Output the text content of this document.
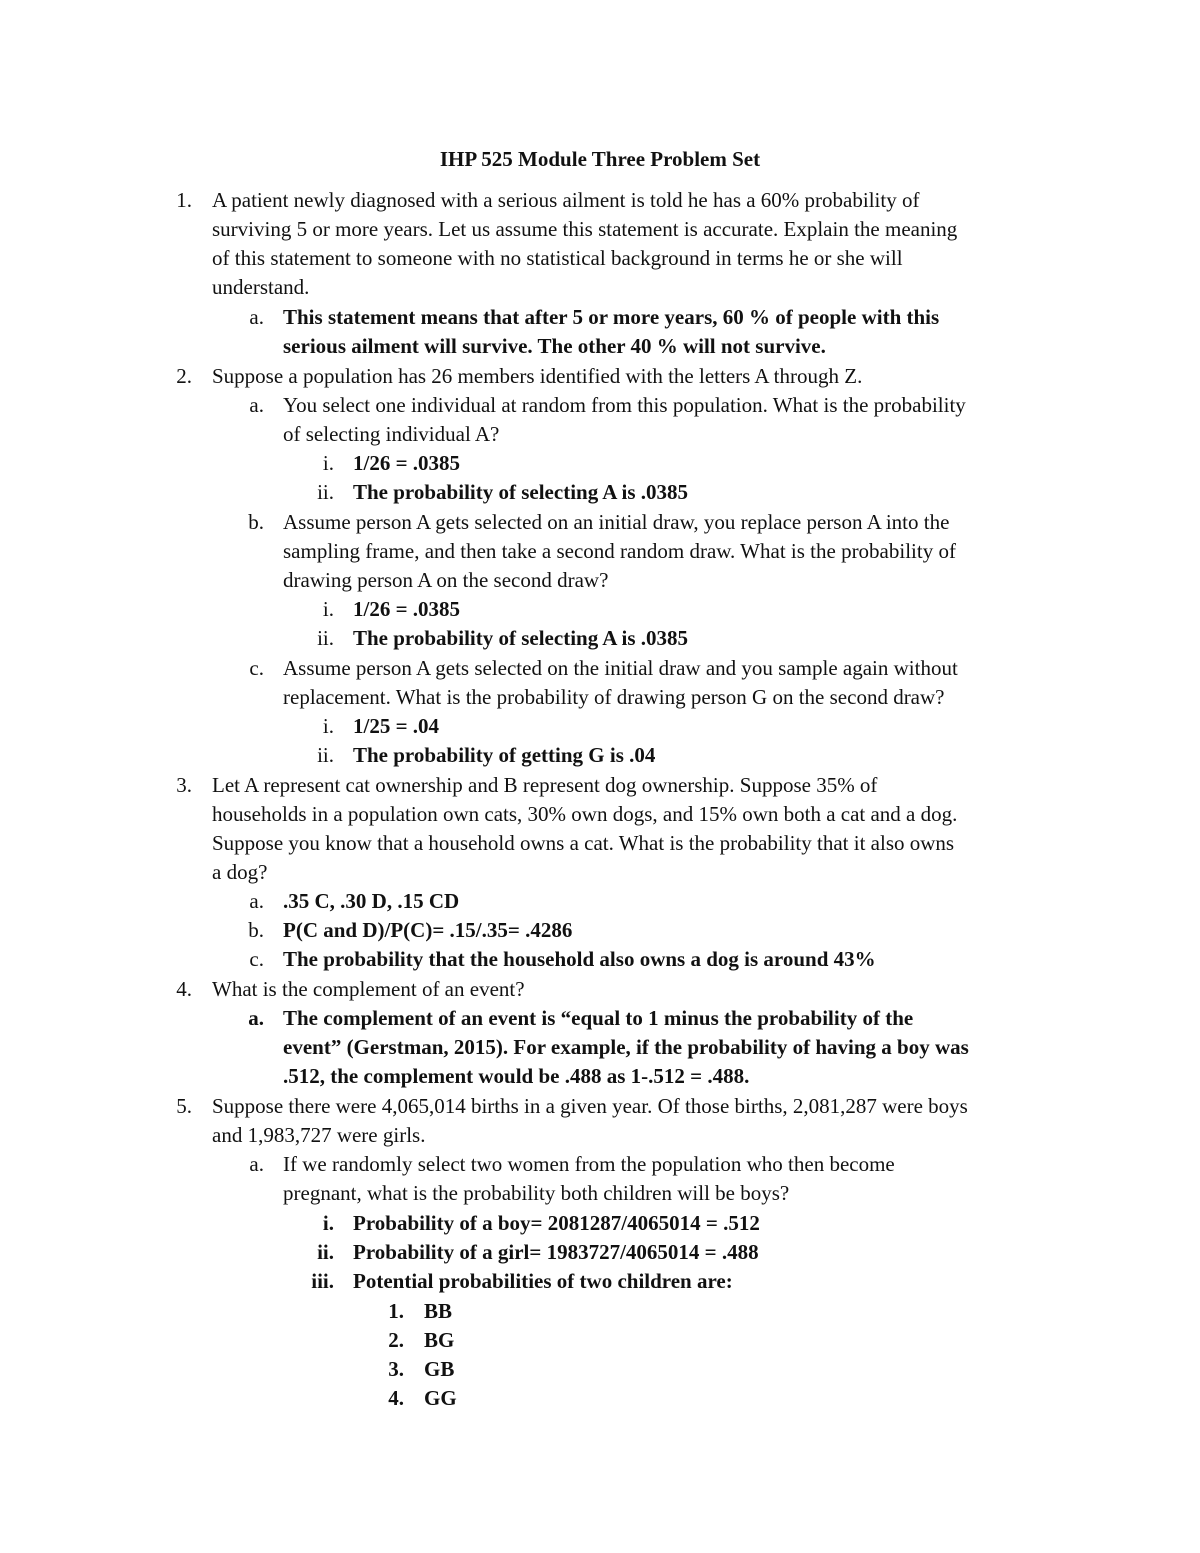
IHP 525 Module Three Problem Set
1. A patient newly diagnosed with a serious ailment is told he has a 60% probability of
surviving 5 or more years. Let us assume this statement is accurate. Explain the meaning
of this statement to someone with no statistical background in terms he or she will
understand.
a. This statement means that after 5 or more years, 60 % of people with this
serious ailment will survive. The other 40 % will not survive.
2. Suppose a population has 26 members identified with the letters A through Z.
a. You select one individual at random from this population. What is the probability
of selecting individual A?
i. 1/26 = .0385
ii. The probability of selecting A is .0385
b. Assume person A gets selected on an initial draw, you replace person A into the
sampling frame, and then take a second random draw. What is the probability of
drawing person A on the second draw?
i. 1/26 = .0385
ii. The probability of selecting A is .0385
c. Assume person A gets selected on the initial draw and you sample again without
replacement. What is the probability of drawing person G on the second draw?
i. 1/25 = .04
ii. The probability of getting G is .04
3. Let A represent cat ownership and B represent dog ownership. Suppose 35% of
households in a population own cats, 30% own dogs, and 15% own both a cat and a dog.
Suppose you know that a household owns a cat. What is the probability that it also owns
a dog?
a. .35 C, .30 D, .15 CD
b. P(C and D)/P(C)= .15/.35= .4286
c. The probability that the household also owns a dog is around 43%
4. What is the complement of an event?
a. The complement of an event is “equal to 1 minus the probability of the
event” (Gerstman, 2015). For example, if the probability of having a boy was
.512, the complement would be .488 as 1-.512 = .488.
5. Suppose there were 4,065,014 births in a given year. Of those births, 2,081,287 were boys
and 1,983,727 were girls.
a. If we randomly select two women from the population who then become
pregnant, what is the probability both children will be boys?
i. Probability of a boy= 2081287/4065014 = .512
ii. Probability of a girl= 1983727/4065014 = .488
iii. Potential probabilities of two children are:
1. BB
2. BG
3. GB
4. GG
